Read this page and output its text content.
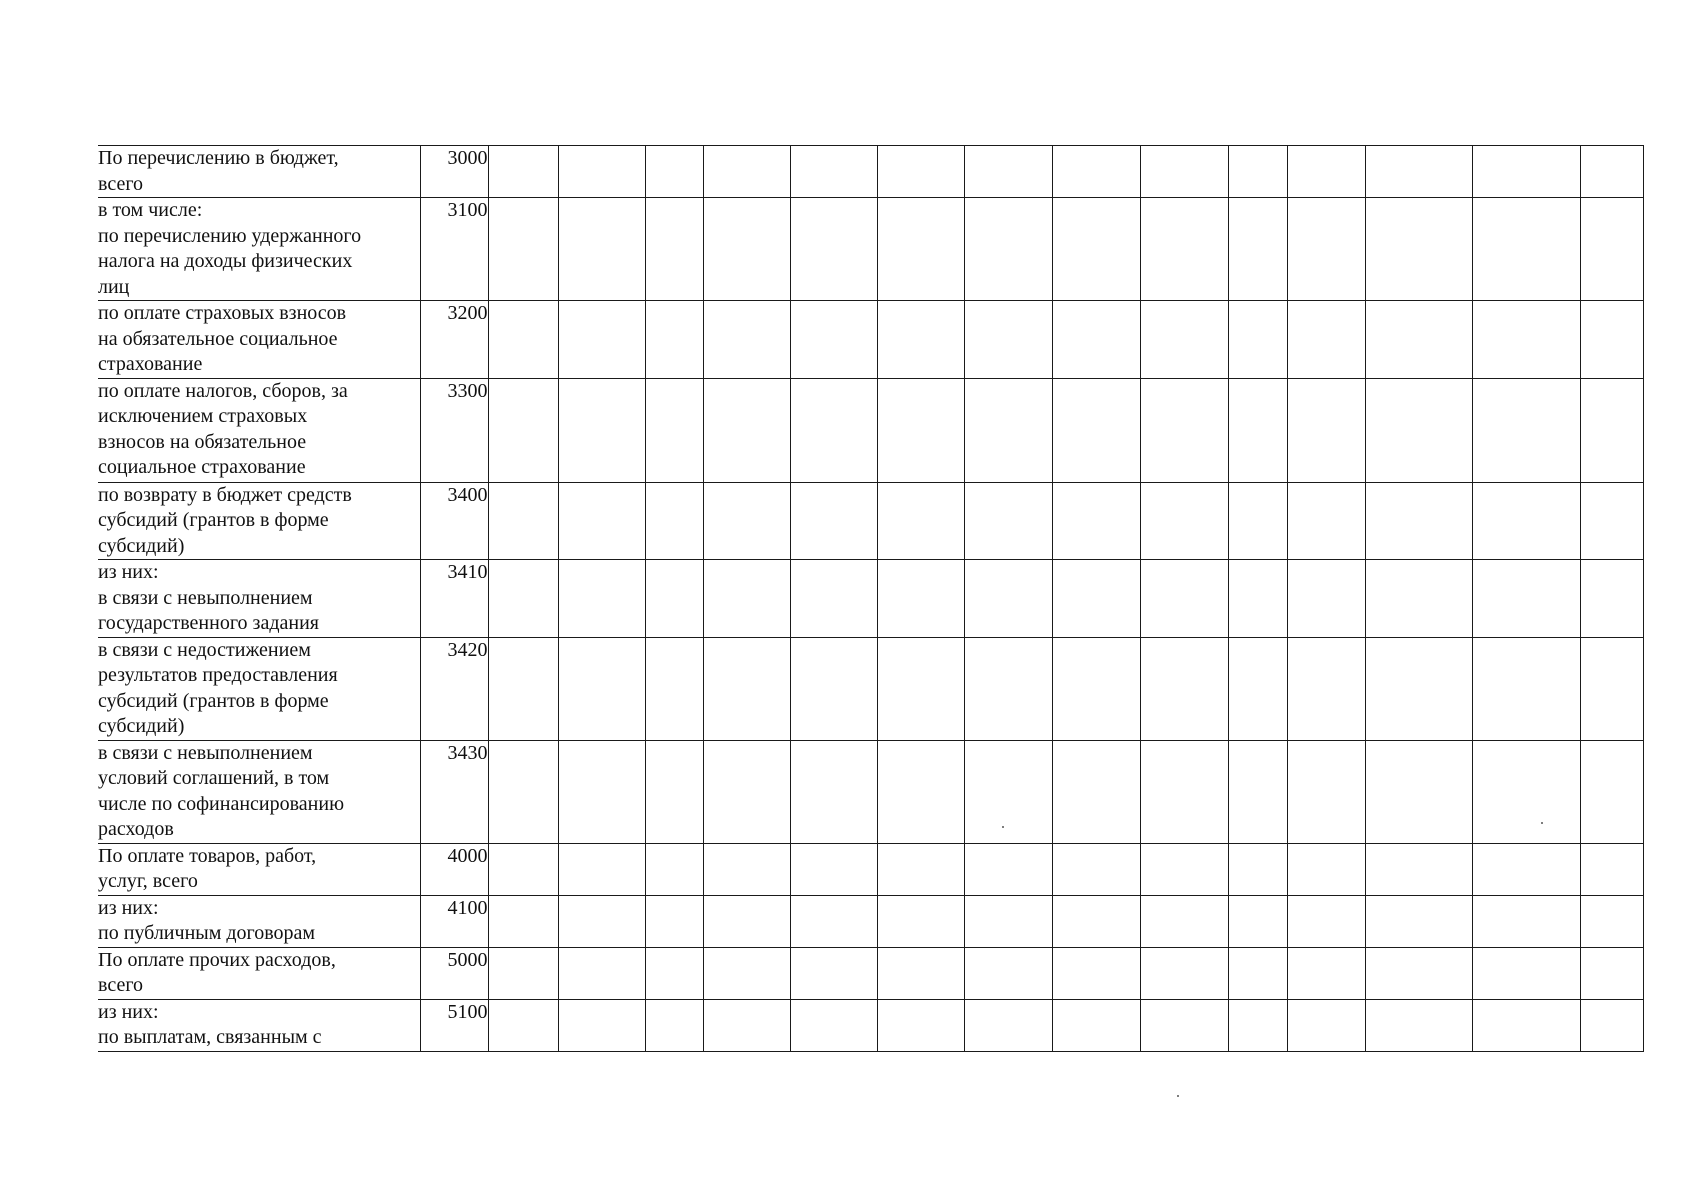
По перечислению в бюджет,
всего	3000														

в том числе:
по перечислению удержанного
налога на доходы физических
лиц	3100														

по оплате страховых взносов
на обязательное социальное
страхование	3200														

по оплате налогов, сборов, за
исключением страховых
взносов на обязательное
социальное страхование	3300														

по возврату в бюджет средств
субсидий (грантов в форме
субсидий)	3400														

из них:
в связи с невыполнением
государственного задания	3410														

в связи с недостижением
результатов предоставления
субсидий (грантов в форме
субсидий)	3420														

в связи с невыполнением
условий соглашений, в том
числе по софинансированию
расходов	3430														

По оплате товаров, работ,
услуг, всего	4000														

из них:
по публичным договорам	4100														

По оплате прочих расходов,
всего	5000														

из них:
по выплатам, связанным с	5100														
